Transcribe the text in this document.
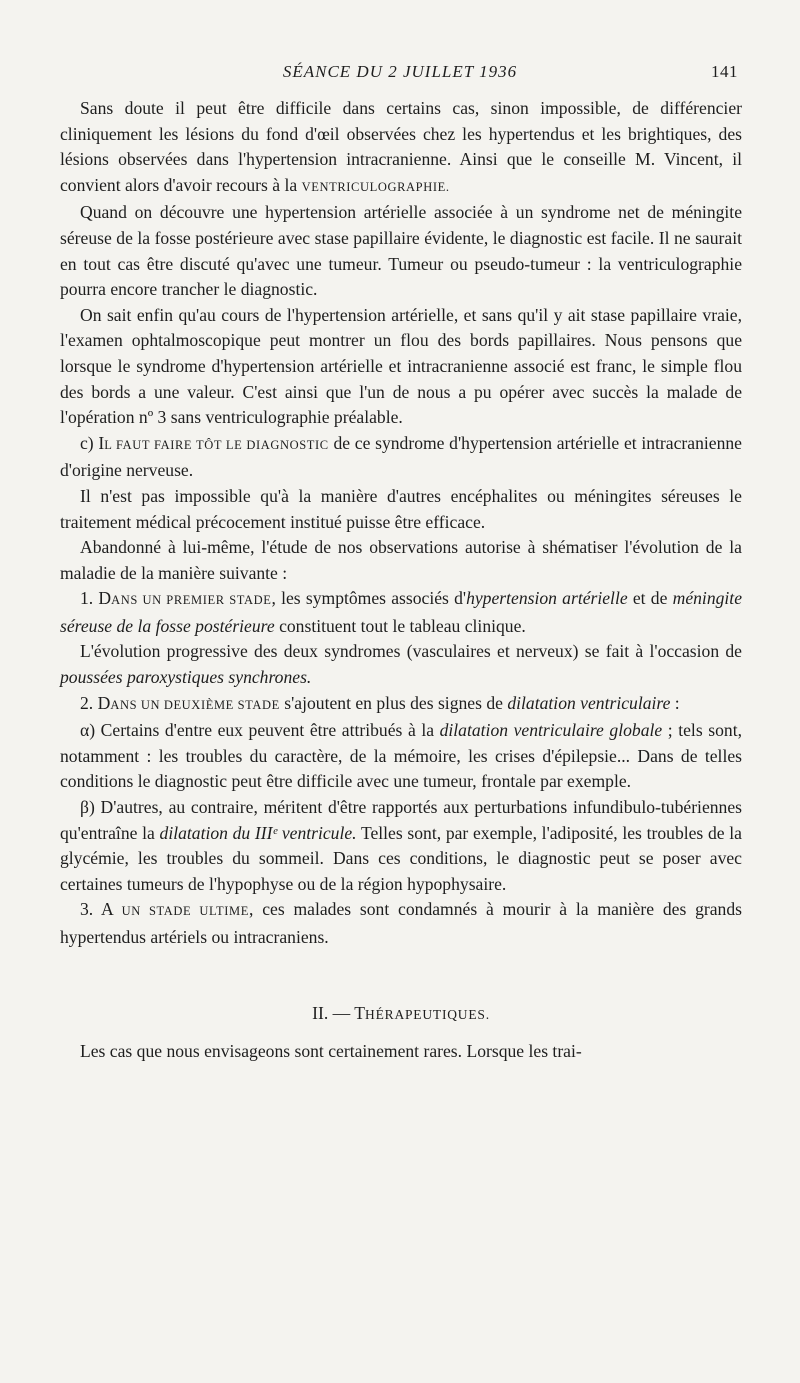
SÉANCE DU 2 JUILLET 1936	141

Sans doute il peut être difficile dans certains cas, sinon impossible, de différencier cliniquement les lésions du fond d'œil observées chez les hypertendus et les brightiques, des lésions observées dans l'hypertension intracranienne. Ainsi que le conseille M. Vincent, il convient alors d'avoir recours à la VENTRICULOGRAPHIE.

Quand on découvre une hypertension artérielle associée à un syndrome net de méningite séreuse de la fosse postérieure avec stase papillaire évidente, le diagnostic est facile. Il ne saurait en tout cas être discuté qu'avec une tumeur. Tumeur ou pseudo-tumeur : la ventriculographie pourra encore trancher le diagnostic.

On sait enfin qu'au cours de l'hypertension artérielle, et sans qu'il y ait stase papillaire vraie, l'examen ophtalmoscopique peut montrer un flou des bords papillaires. Nous pensons que lorsque le syndrome d'hypertension artérielle et intracranienne associé est franc, le simple flou des bords a une valeur. C'est ainsi que l'un de nous a pu opérer avec succès la malade de l'opération nº 3 sans ventriculographie préalable.

c) IL FAUT FAIRE TÔT LE DIAGNOSTIC de ce syndrome d'hypertension artérielle et intracranienne d'origine nerveuse.

Il n'est pas impossible qu'à la manière d'autres encéphalites ou méningites séreuses le traitement médical précocement institué puisse être efficace.

Abandonné à lui-même, l'étude de nos observations autorise à shématiser l'évolution de la maladie de la manière suivante :

1. DANS UN PREMIER STADE, les symptômes associés d'hypertension artérielle et de méningite séreuse de la fosse postérieure constituent tout le tableau clinique.

L'évolution progressive des deux syndromes (vasculaires et nerveux) se fait à l'occasion de poussées paroxystiques synchrones.

2. DANS UN DEUXIÈME STADE s'ajoutent en plus des signes de dilatation ventriculaire :

α) Certains d'entre eux peuvent être attribués à la dilatation ventriculaire globale ; tels sont, notamment : les troubles du caractère, de la mémoire, les crises d'épilepsie... Dans de telles conditions le diagnostic peut être difficile avec une tumeur, frontale par exemple.

β) D'autres, au contraire, méritent d'être rapportés aux perturbations infundibulo-tubériennes qu'entraîne la dilatation du IIIᵉ ventricule. Telles sont, par exemple, l'adiposité, les troubles de la glycémie, les troubles du sommeil. Dans ces conditions, le diagnostic peut se poser avec certaines tumeurs de l'hypophyse ou de la région hypophysaire.

3. A UN STADE ULTIME, ces malades sont condamnés à mourir à la manière des grands hypertendus artériels ou intracraniens.

II. — THÉRAPEUTIQUES.

Les cas que nous envisageons sont certainement rares. Lorsque les trai-
